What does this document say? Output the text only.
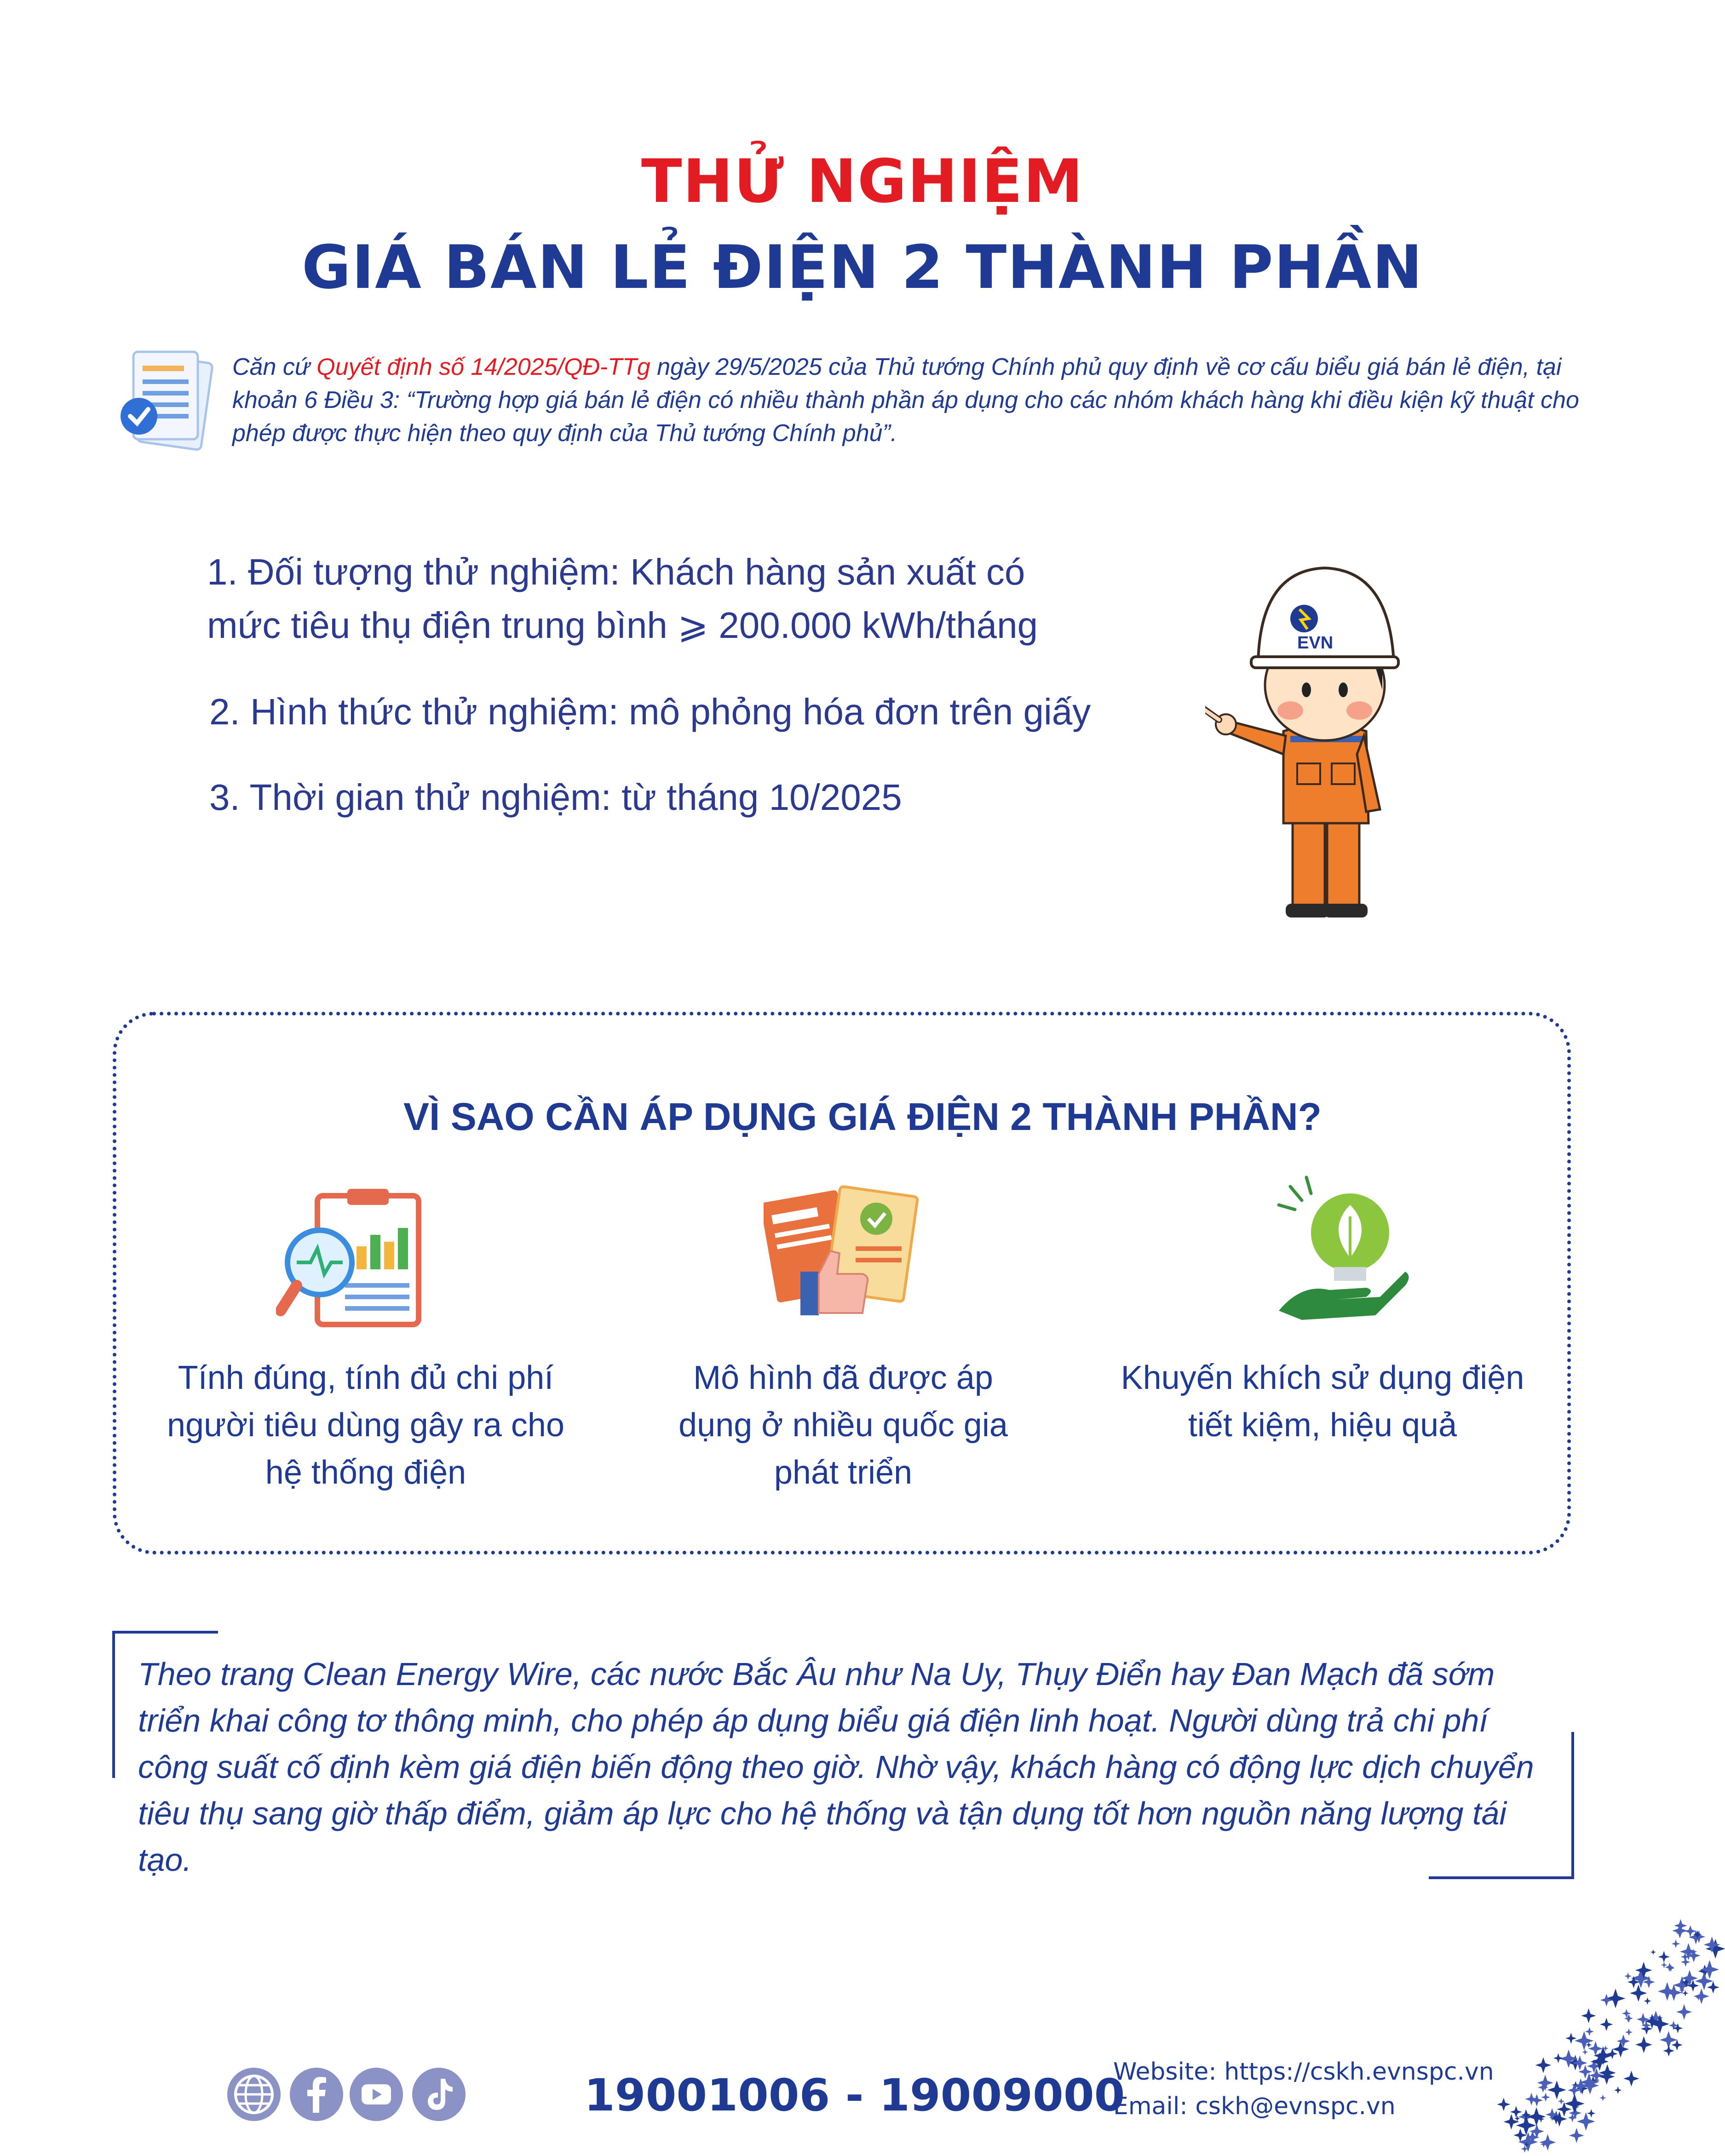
THỬ NGHIỆM
GIÁ BÁN LẺ ĐIỆN 2 THÀNH PHẦN
Căn cứ Quyết định số 14/2025/QĐ-TTg ngày 29/5/2025 của Thủ tướng Chính phủ quy định về cơ cấu biểu giá bán lẻ điện, tại khoản 6 Điều 3: “Trường hợp giá bán lẻ điện có nhiều thành phần áp dụng cho các nhóm khách hàng khi điều kiện kỹ thuật cho phép được thực hiện theo quy định của Thủ tướng Chính phủ”.
1. Đối tượng thử nghiệm: Khách hàng sản xuất có
mức tiêu thụ điện trung bình ⩾ 200.000 kWh/tháng
2. Hình thức thử nghiệm: mô phỏng hóa đơn trên giấy
3. Thời gian thử nghiệm: từ tháng 10/2025
EVN
VÌ SAO CẦN ÁP DỤNG GIÁ ĐIỆN 2 THÀNH PHẦN?
Tính đúng, tính đủ chi phí
người tiêu dùng gây ra cho
hệ thống điện
Mô hình đã được áp
dụng ở nhiều quốc gia
phát triển
Khuyến khích sử dụng điện
tiết kiệm, hiệu quả
Theo trang Clean Energy Wire, các nước Bắc Âu như Na Uy, Thụy Điển hay Đan Mạch đã sớm triển khai công tơ thông minh, cho phép áp dụng biểu giá điện linh hoạt. Người dùng trả chi phí công suất cố định kèm giá điện biến động theo giờ. Nhờ vậy, khách hàng có động lực dịch chuyển tiêu thụ sang giờ thấp điểm, giảm áp lực cho hệ thống và tận dụng tốt hơn nguồn năng lượng tái tạo.
19001006 - 19009000
Website: https://cskh.evnspc.vn
Email: cskh@evnspc.vn
